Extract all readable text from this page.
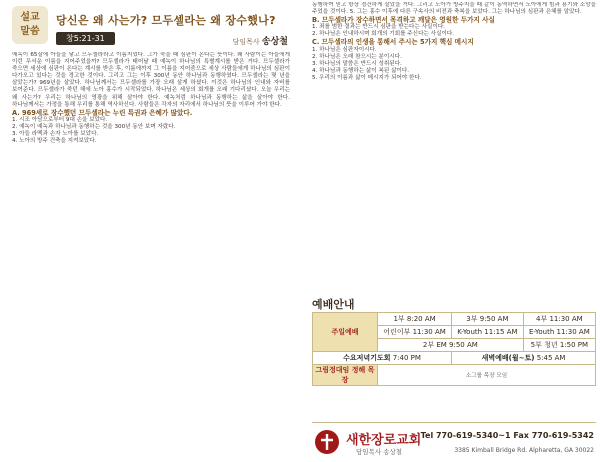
설교
말씀
당신은 왜 사는가? 므두셀라는 왜 장수했나?
창5:21-31	담임목사 송상철
예녹이 65살에 아들을 낳고 므두셀라라고 이름지었다. 그가 죽을 때 심판이 온다는 뜻이다. 왜 사람이는 아들에게 이런 무서운 이름을 지어주었을까? 므두셀라가 태어날 때 예녹이 하나님의 특별계시를 받은 거다. 므두셀라가 죽으면 세상에 심판이 온다는 계시를 받은 후, 이름에까지 그 이름을 지어줌으로 세상 사람들에게 하나님의 심판이 다가오고 있다는 것을 경고한 것이다. 그리고 그는 이후 300년 동안 하나님과 동행하였다. 므두셀라는 몇 년을 살았는가? 969년을 살았다. 하나님께서는 므두셀라를 가장 오래 살게 하셨다. 이것은 하나님의 인내와 자비를 보여준다. 므두셀라가 죽던 해에 노아 홍수가 시작되었다. 하나님은 세상의 회개를 오래 기다리셨다. 오늘 우리는 왜 사는가? 우리는 하나님의 영광을 위해 살아야 한다. 예녹처럼 하나님과 동행하는 삶을 살아야 한다. 하나님께서는 가정을 통해 우리를 통해 역사하신다. 사람들은 각자의 자리에서 하나님의 뜻을 이루어 가야 한다.
A. 969세로 장수했던 므두셀라는 누린 특권과 은혜가 많았다.
1. 시조 아담으로부터 9대 손을 보았다.
2. 예녹이 예녹과 하나님과 동행하는 것을 300년 동안 보며 자랐다.
3. 아들 라멕과 손자 노아를 보았다.
4. 노아의 방주 건축을 지켜보았다.
동행하여 믿고 항상 경건하게 살았을 거다. 그리고 노아가 방주지을 때 같이 동역하면서 노아에게 힘과 용기와 소망을 주었을 것이다. 5. 그는 홍수 이후에 다른 구속사의 비전과 축복을 보았다. 그는 하나님의 심판과 은혜를 알았다.
B. 므두셀라가 장수하면서 목격하고 깨달은 영원한 두가지 사실
1. 죄를 범한 결과는 반드시 심판을 받는다는 사실이다.
2. 하나님은 인내하시며 회개의 기회를 주신다는 사실이다.
C. 므두셀라의 인생을 통해서 주시는 5가지 핵심 메시지
1. 하나님은 심판자이시다.
2. 하나님은 오래 참으시는 분이시다.
3. 하나님의 말씀은 반드시 성취된다.
4. 하나님과 동행하는 삶이 복된 삶이다.
5. 우리의 이름과 삶이 메시지가 되어야 한다.
예배안내
주일예배	1부 8:20 AM	3부 9:50 AM	4부 11:30 AM
	어린이부 11:30 AM	K-Youth 11:15 AM	E-Youth 11:30 AM
	2부 EM 9:50 AM		5부 청년 1:50 PM
수요저녁기도회 7:40 PM		새벽예배(월~토) 5:45 AM	
그림정대임 정해 목장	소그룹 목장 모임		
새한장로교회
담임목사 송상철
Tel 770-619-5340~1 Fax 770-619-5342
3385 Kimball Bridge Rd. Alpharetta, GA 30022
